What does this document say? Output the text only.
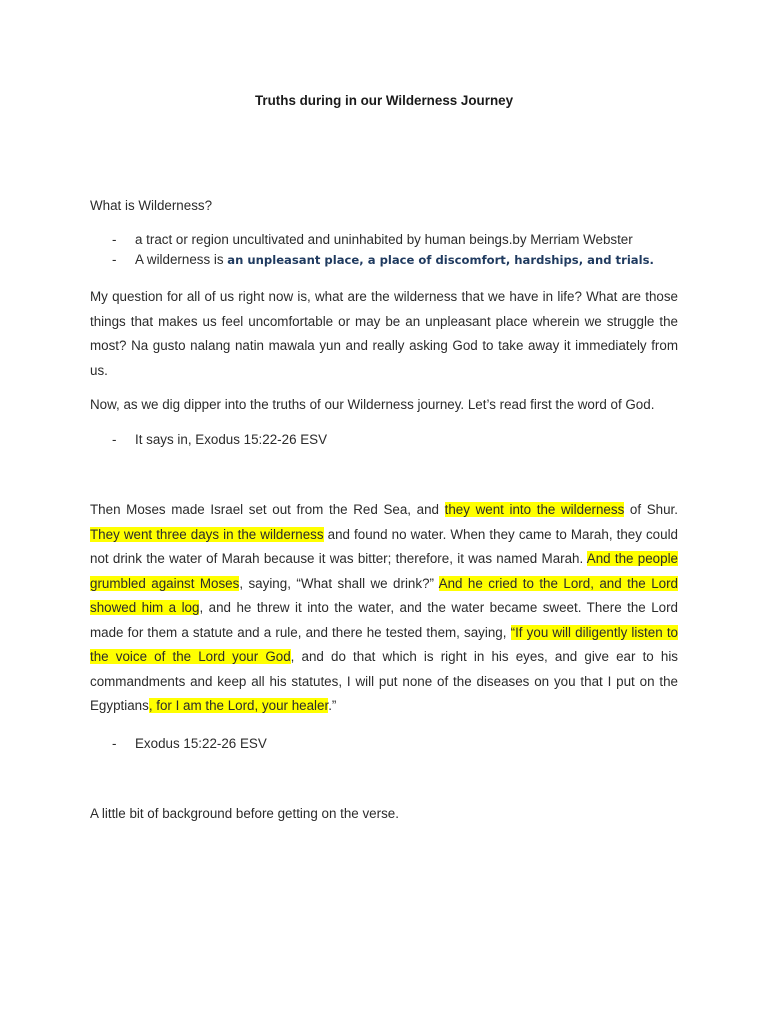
Truths during in our Wilderness Journey
What is Wilderness?
- a tract or region uncultivated and uninhabited by human beings.by Merriam Webster
- A wilderness is an unpleasant place, a place of discomfort, hardships, and trials.
My question for all of us right now is, what are the wilderness that we have in life? What are those things that makes us feel uncomfortable or may be an unpleasant place wherein we struggle the most? Na gusto nalang natin mawala yun and really asking God to take away it immediately from us.
Now, as we dig dipper into the truths of our Wilderness journey. Let’s read first the word of God.
- It says in, Exodus 15:22-26 ESV
Then Moses made Israel set out from the Red Sea, and they went into the wilderness of Shur. They went three days in the wilderness and found no water. When they came to Marah, they could not drink the water of Marah because it was bitter; therefore, it was named Marah. And the people grumbled against Moses, saying, “What shall we drink?” And he cried to the Lord, and the Lord showed him a log, and he threw it into the water, and the water became sweet. There the Lord made for them a statute and a rule, and there he tested them, saying, “If you will diligently listen to the voice of the Lord your God, and do that which is right in his eyes, and give ear to his commandments and keep all his statutes, I will put none of the diseases on you that I put on the Egyptians, for I am the Lord, your healer.”
- Exodus 15:22-26 ESV
A little bit of background before getting on the verse.
